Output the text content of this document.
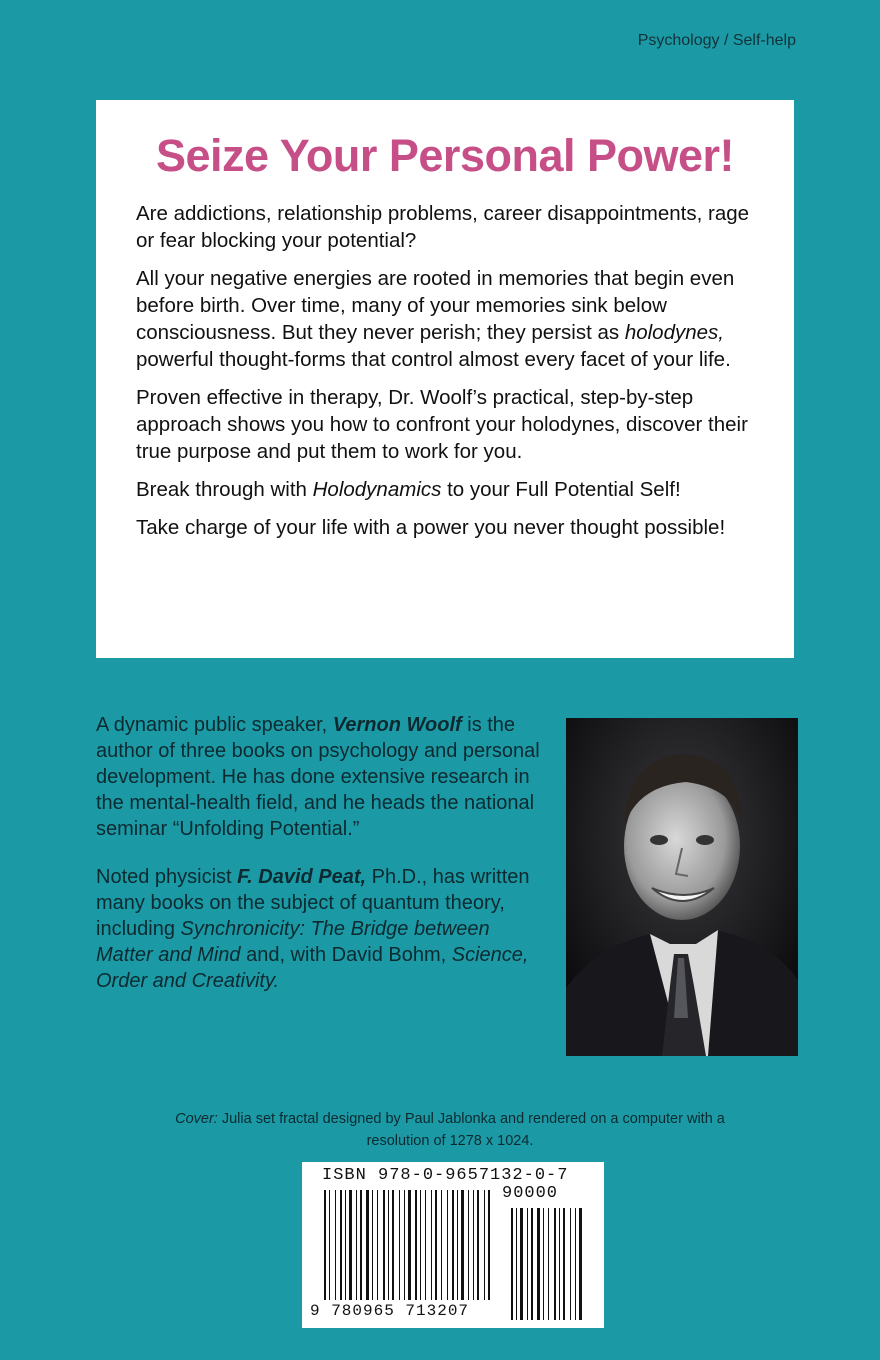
Psychology / Self-help
Seize Your Personal Power!

Are addictions, relationship problems, career disappointments, rage or fear blocking your potential?

All your negative energies are rooted in memories that begin even before birth. Over time, many of your memories sink below consciousness. But they never perish; they persist as holodynes, powerful thought-forms that control almost every facet of your life.

Proven effective in therapy, Dr. Woolf’s practical, step-by-step approach shows you how to confront your holodynes, discover their true purpose and put them to work for you.

Break through with Holodynamics to your Full Potential Self!

Take charge of your life with a power you never thought possible!

A dynamic public speaker, Vernon Woolf is the author of three books on psychology and personal development. He has done extensive research in the mental-health field, and he heads the national seminar “Unfolding Potential.”

Noted physicist F. David Peat, Ph.D., has written many books on the subject of quantum theory, including Synchronicity: The Bridge between Matter and Mind and, with David Bohm, Science, Order and Creativity.

Cover: Julia set fractal designed by Paul Jablonka and rendered on a computer with a resolution of 1278 x 1024.
ISBN 978-0-9657132-0-7
90000
9 780965 713207
